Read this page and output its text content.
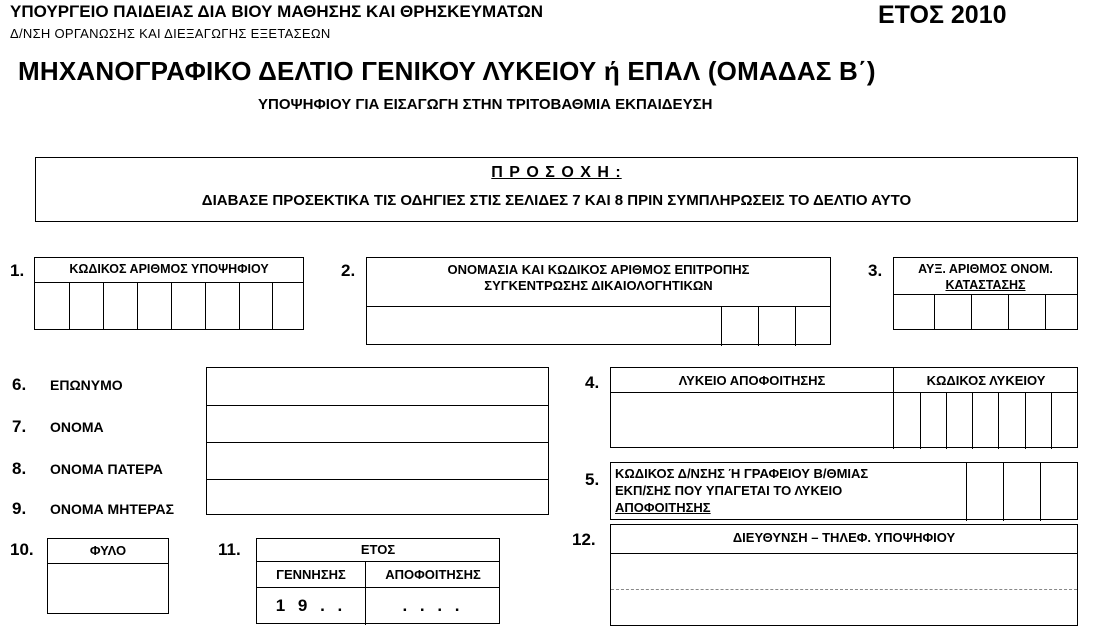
ΥΠΟΥΡΓΕΙΟ ΠΑΙΔΕΙΑΣ ΔΙΑ ΒΙΟΥ ΜΑΘΗΣΗΣ ΚΑΙ ΘΡΗΣΚΕΥΜΑΤΩΝ
Δ/ΝΣΗ ΟΡΓΑΝΩΣΗΣ ΚΑΙ ΔΙΕΞΑΓΩΓΗΣ ΕΞΕΤΑΣΕΩΝ
ΕΤΟΣ 2010
ΜΗΧΑΝΟΓΡΑΦΙΚΟ ΔΕΛΤΙΟ ΓΕΝΙΚΟΥ ΛΥΚΕΙΟΥ ή ΕΠΑΛ (ΟΜΑΔΑΣ Β΄)
ΥΠΟΨΗΦΙΟΥ ΓΙΑ ΕΙΣΑΓΩΓΗ ΣΤΗΝ ΤΡΙΤΟΒΑΘΜΙΑ ΕΚΠΑΙΔΕΥΣΗ
Π Ρ Ο Σ Ο Χ Η :
ΔΙΑΒΑΣΕ ΠΡΟΣΕΚΤΙΚΑ ΤΙΣ ΟΔΗΓΙΕΣ ΣΤΙΣ ΣΕΛΙΔΕΣ 7 ΚΑΙ 8 ΠΡΙΝ ΣΥΜΠΛΗΡΩΣΕΙΣ ΤΟ ΔΕΛΤΙΟ ΑΥΤΟ
1.	ΚΩΔΙΚΟΣ ΑΡΙΘΜΟΣ ΥΠΟΨΗΦΙΟΥ	2.	ΟΝΟΜΑΣΙΑ ΚΑΙ ΚΩΔΙΚΟΣ ΑΡΙΘΜΟΣ ΕΠΙΤΡΟΠΗΣ
ΣΥΓΚΕΝΤΡΩΣΗΣ ΔΙΚΑΙΟΛΟΓΗΤΙΚΩΝ
3.	ΑΥΞ. ΑΡΙΘΜΟΣ ΟΝΟΜ.
ΚΑΤΑΣΤΑΣΗΣ
6. ΕΠΩΝΥΜΟ
7. ΟΝΟΜΑ
8. ΟΝΟΜΑ ΠΑΤΕΡΑ
9. ΟΝΟΜΑ ΜΗΤΕΡΑΣ
4.	ΛΥΚΕΙΟ ΑΠΟΦΟΙΤΗΣΗΣ	ΚΩΔΙΚΟΣ ΛΥΚΕΙΟΥ
5. ΚΩΔΙΚΟΣ Δ/ΝΣΗΣ Ή ΓΡΑΦΕΙΟΥ Β/ΘΜΙΑΣ
ΕΚΠ/ΣΗΣ ΠΟΥ ΥΠΑΓΕΤΑΙ ΤΟ ΛΥΚΕΙΟ
ΑΠΟΦΟΙΤΗΣΗΣ
10.	ΦΥΛΟ	11.	ΕΤΟΣ
ΓΕΝΝΗΣΗΣ	ΑΠΟΦΟΙΤΗΣΗΣ
1 9 . .	. . . .
12.	ΔΙΕΥΘΥΝΣΗ – ΤΗΛΕΦ. ΥΠΟΨΗΦΙΟΥ
